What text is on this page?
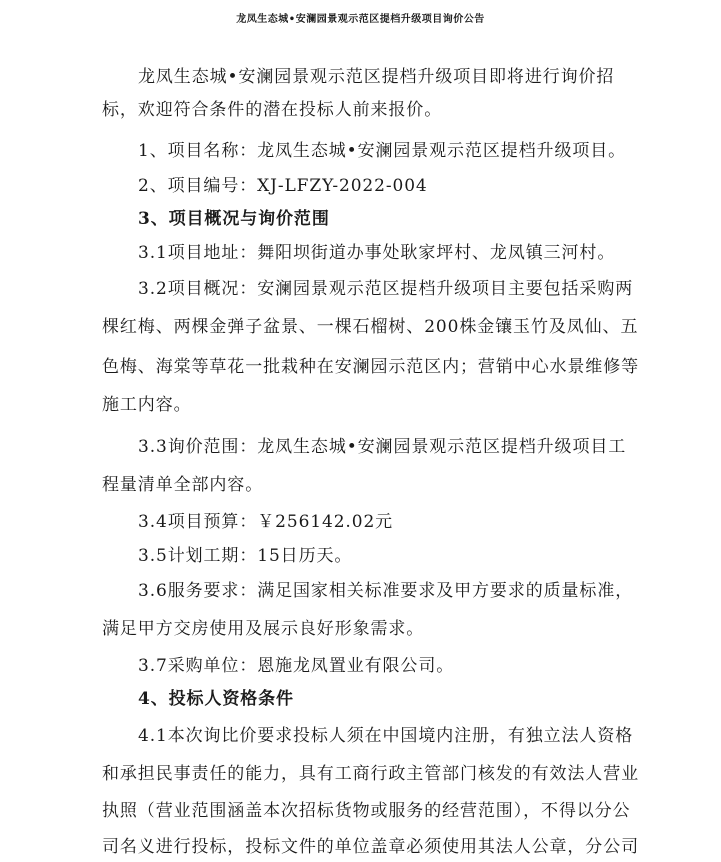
龙凤生态城•安澜园景观示范区提档升级项目询价公告
龙凤生态城•安澜园景观示范区提档升级项目即将进行询价招
标，欢迎符合条件的潜在投标人前来报价。
1、项目名称：龙凤生态城•安澜园景观示范区提档升级项目。
2、项目编号：XJ-LFZY-2022-004
3、项目概况与询价范围
3.1项目地址：舞阳坝街道办事处耿家坪村、龙凤镇三河村。
3.2项目概况：安澜园景观示范区提档升级项目主要包括采购两
棵红梅、两棵金弹子盆景、一棵石榴树、200株金镶玉竹及凤仙、五
色梅、海棠等草花一批栽种在安澜园示范区内；营销中心水景维修等
施工内容。
3.3询价范围：龙凤生态城•安澜园景观示范区提档升级项目工
程量清单全部内容。
3.4项目预算：￥256142.02元
3.5计划工期：15日历天。
3.6服务要求：满足国家相关标准要求及甲方要求的质量标准，
满足甲方交房使用及展示良好形象需求。
3.7采购单位：恩施龙凤置业有限公司。
4、投标人资格条件
4.1本次询比价要求投标人须在中国境内注册，有独立法人资格
和承担民事责任的能力，具有工商行政主管部门核发的有效法人营业
执照（营业范围涵盖本次招标货物或服务的经营范围），不得以分公
司名义进行投标，投标文件的单位盖章必须使用其法人公章，分公司
